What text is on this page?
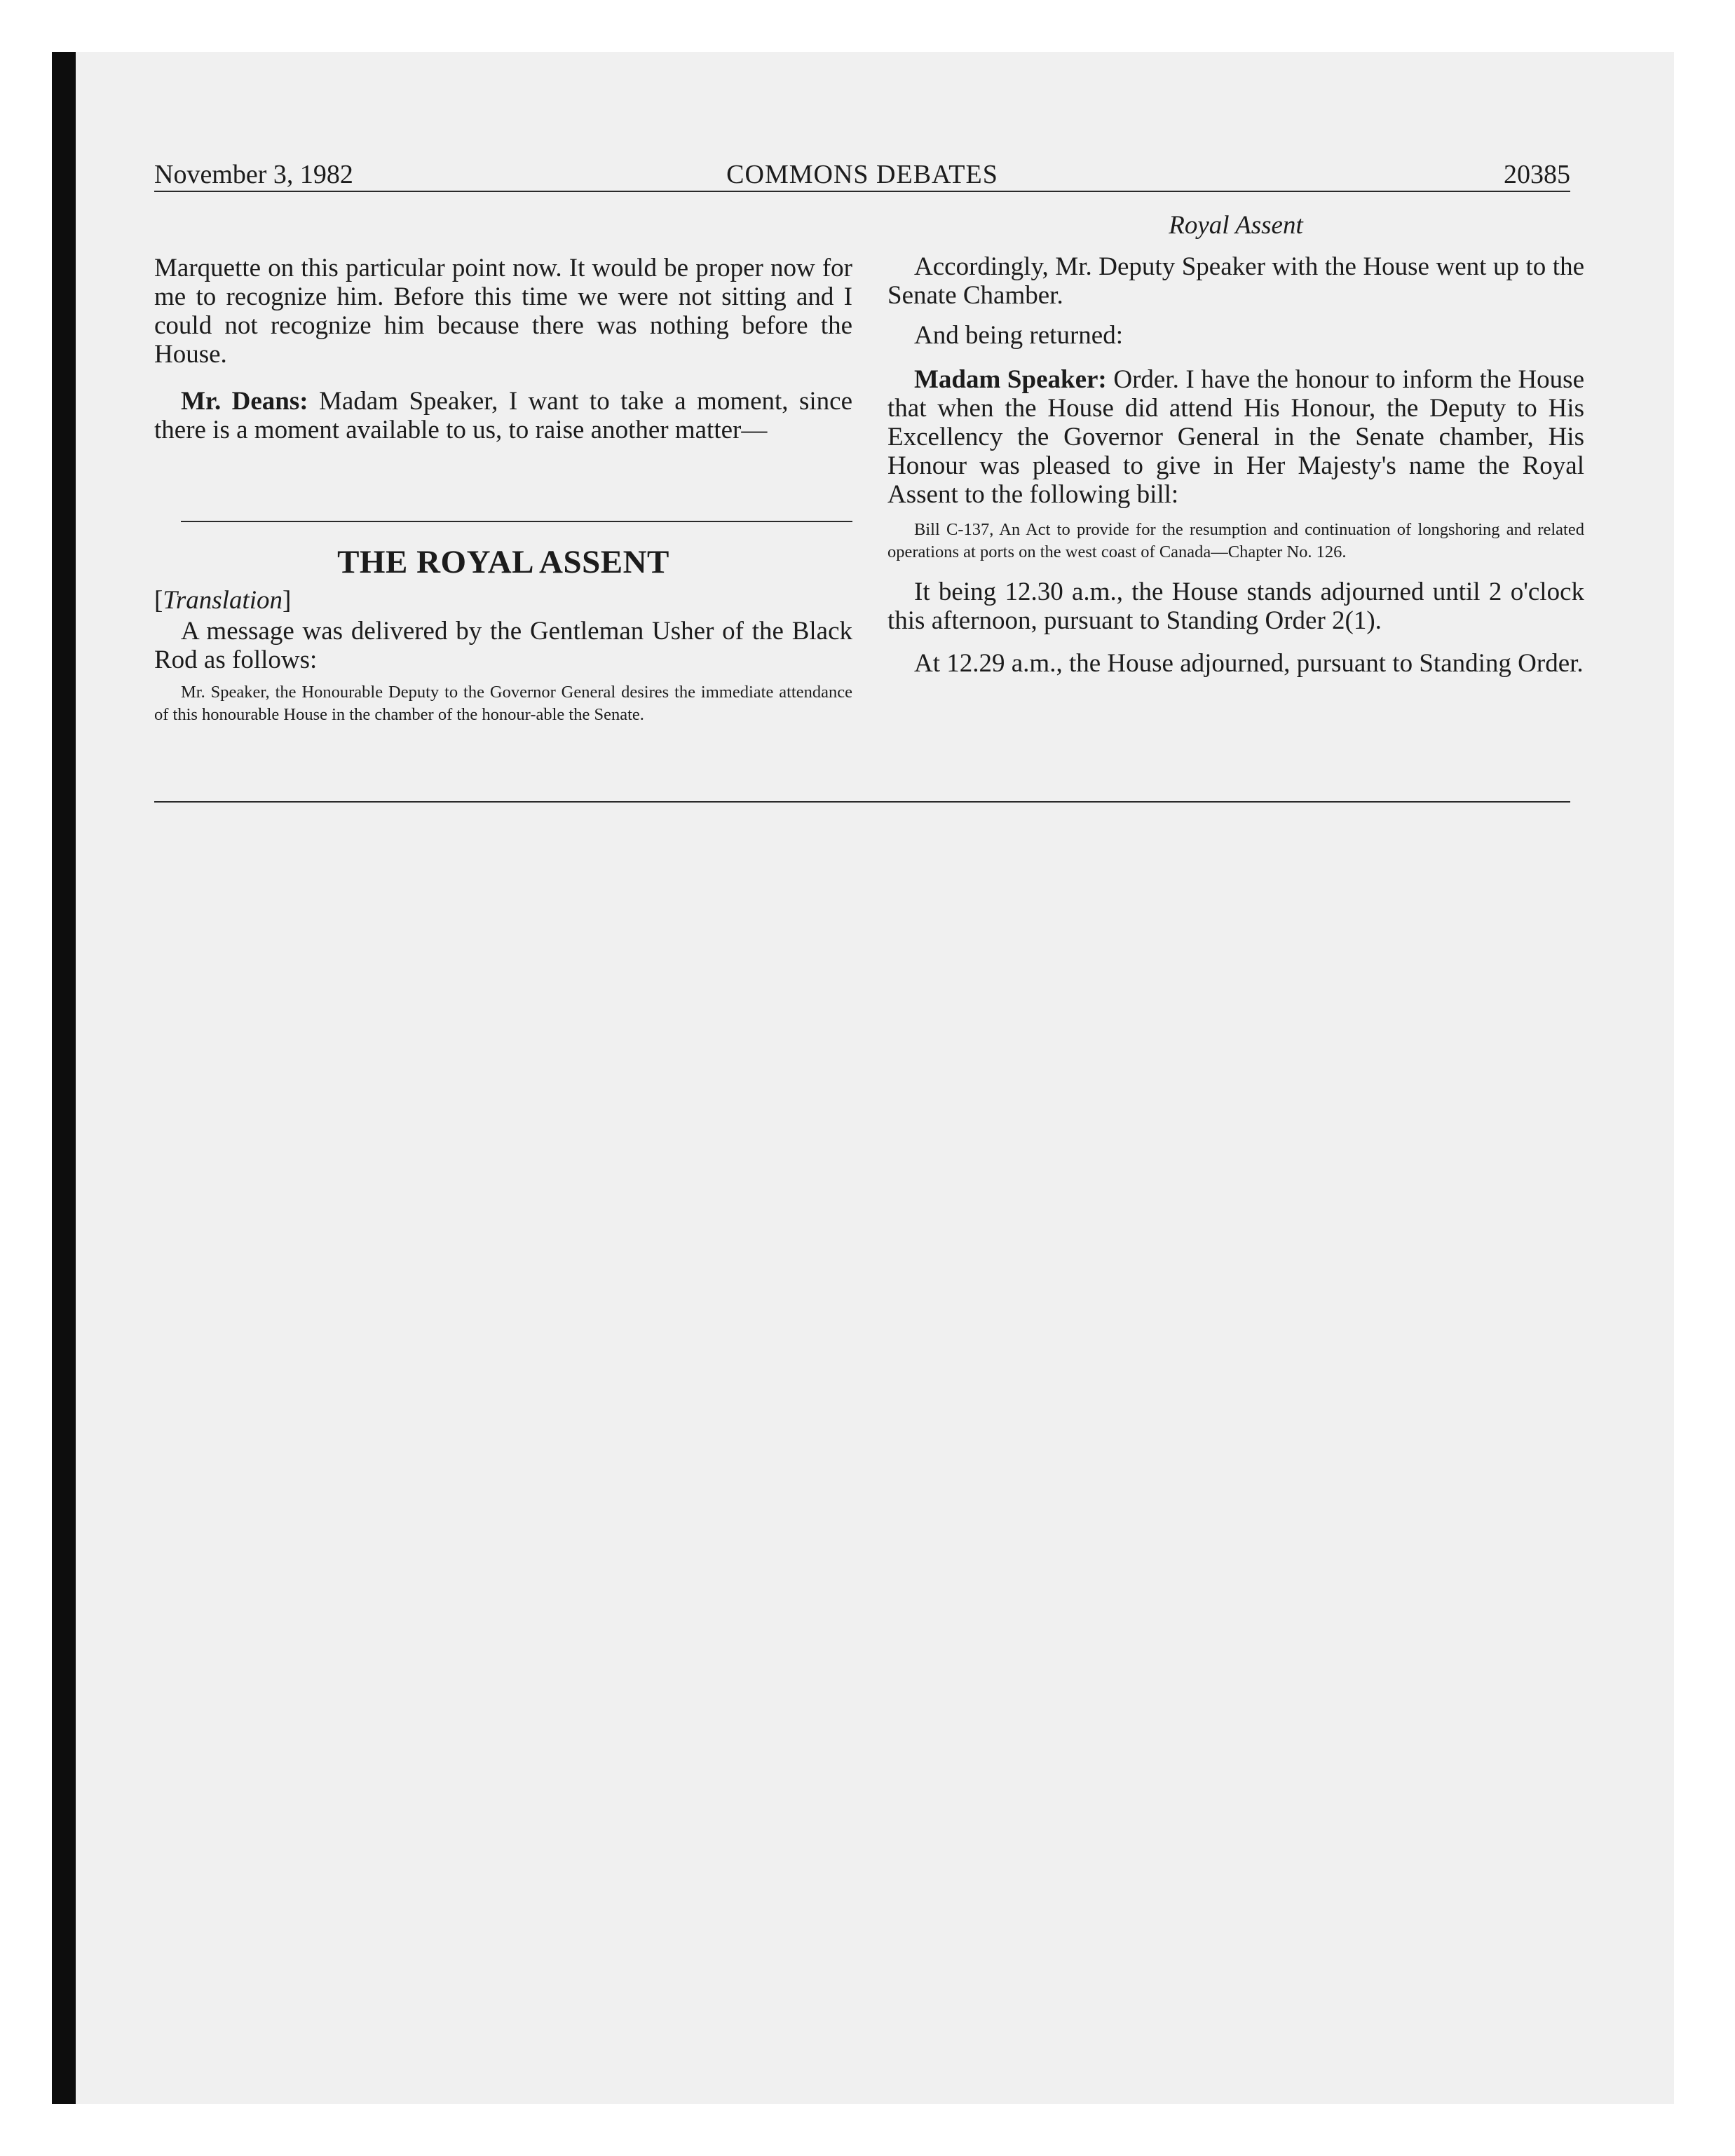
November 3, 1982	COMMONS DEBATES	20385

Marquette on this particular point now. It would be proper now for me to recognize him. Before this time we were not sitting and I could not recognize him because there was nothing before the House.

Mr. Deans: Madam Speaker, I want to take a moment, since there is a moment available to us, to raise another matter—

THE ROYAL ASSENT

[Translation]

A message was delivered by the Gentleman Usher of the Black Rod as follows:

Mr. Speaker, the Honourable Deputy to the Governor General desires the immediate attendance of this honourable House in the chamber of the honour-able the Senate.

Royal Assent

Accordingly, Mr. Deputy Speaker with the House went up to the Senate Chamber.

And being returned:

Madam Speaker: Order. I have the honour to inform the House that when the House did attend His Honour, the Deputy to His Excellency the Governor General in the Senate chamber, His Honour was pleased to give in Her Majesty's name the Royal Assent to the following bill:

Bill C-137, An Act to provide for the resumption and continuation of longshoring and related operations at ports on the west coast of Canada—Chapter No. 126.

It being 12.30 a.m., the House stands adjourned until 2 o'clock this afternoon, pursuant to Standing Order 2(1).

At 12.29 a.m., the House adjourned, pursuant to Standing Order.
